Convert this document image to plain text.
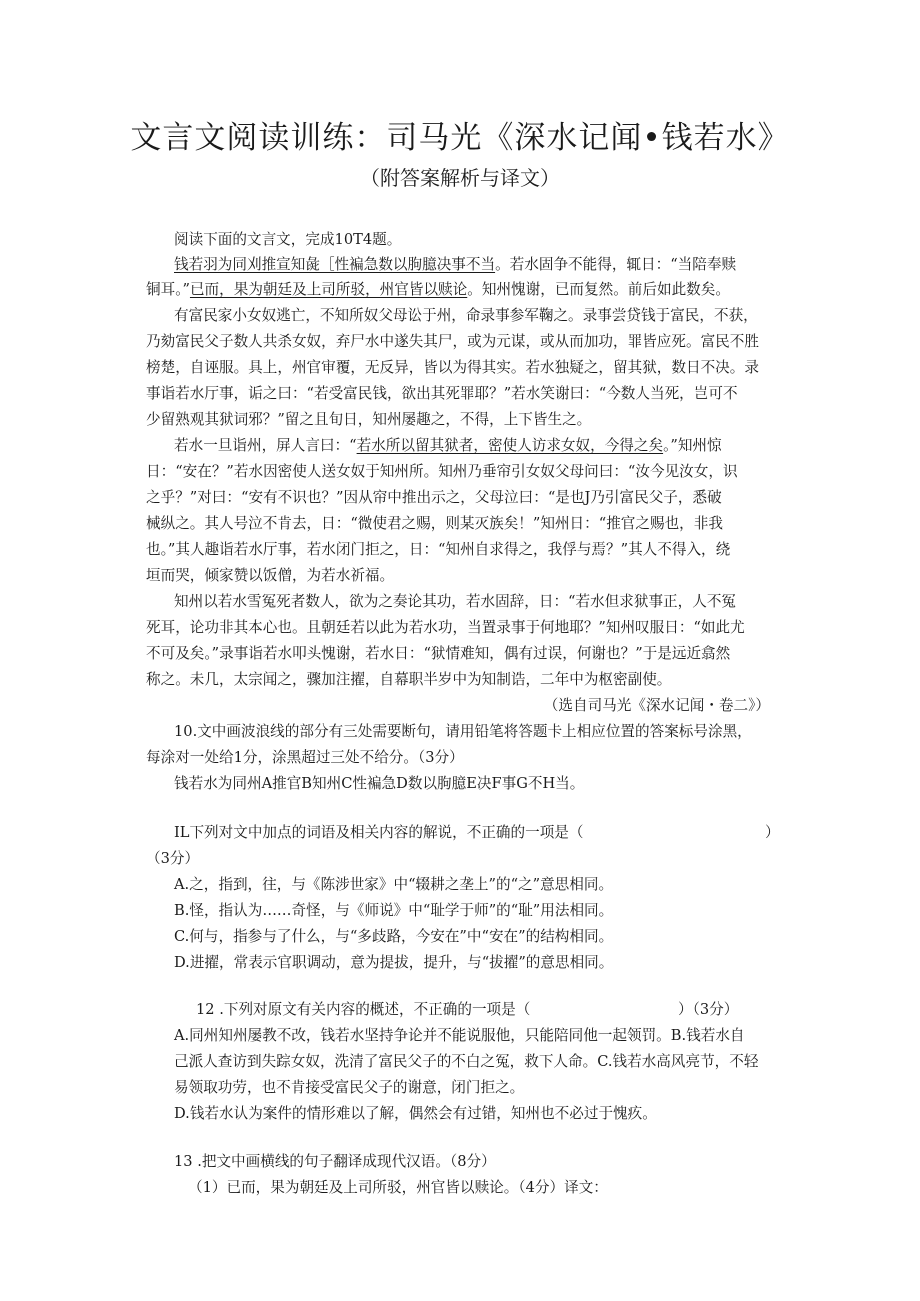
文言文阅读训练：司马光《深水记闻•钱若水》
（附答案解析与译文）
阅读下面的文言文，完成10T4题。
钱若羽为同刈推宣知彘［性褊急数以朐臆决事不当。若水固争不能得，辄日：“当陪奉赎
铜耳。”已而，果为朝廷及上司所驳，州官皆以赎论。知州愧谢，已而复然。前后如此数矣。
有富民家小女奴逃亡，不知所奴父母讼于州，命录事参军鞠之。录事尝贷钱于富民，不获，
乃劾富民父子数人共杀女奴，弃尸水中遂失其尸，或为元谋，或从而加功，罪皆应死。富民不胜
榜楚，自诬服。具上，州官审覆，无反异，皆以为得其实。若水独疑之，留其狱，数日不决。录
事诣若水厅事，诟之曰：“若受富民钱，欲出其死罪耶？”若水笑谢曰：“今数人当死，岂可不
少留熟观其狱词邪？”留之且旬日，知州屡趣之，不得，上下皆生之。
若水一旦诣州，屏人言曰：“若水所以留其狱者，密使人访求女奴，今得之矣。”知州惊
日：“安在？”若水因密使人送女奴于知州所。知州乃垂帘引女奴父母问曰：“汝今见汝女，识
之乎？”对曰：“安有不识也？”因从帘中推出示之，父母泣曰：“是也J乃引富民父子，悉破
械纵之。其人号泣不肯去，日：“微使君之赐，则某灭族矣！”知州日：“推官之赐也，非我
也。”其人趣诣若水厅事，若水闭门拒之，日：“知州自求得之，我俘与焉？”其人不得入，绕
垣而哭，倾家赞以饭僧，为若水祈福。
知州以若水雪冤死者数人，欲为之奏论其功，若水固辞，日：“若水但求狱事正，人不冤
死耳，论功非其本心也。且朝廷若以此为若水功，当置录事于何地耶？”知州叹服日：“如此尤
不可及矣。”录事诣若水叩头愧谢，若水日：“狱情难知，偶有过误，何谢也？”于是远近翕然
称之。未几，太宗闻之，骤加注擢，自幕职半岁中为知制诰，二年中为枢密副使。
（选自司马光《深水记闻・卷二》）
10.文中画波浪线的部分有三处需要断句，请用铅笔将答题卡上相应位置的答案标号涂黑，
每涂对一处给1分，涂黑超过三处不给分。（3分）
钱若水为同州A推官B知州C性褊急D数以朐臆E决F事G不H当。
IL下列对文中加点的词语及相关内容的解说，不正确的一项是（	）
（3分）
A.之，指到，往，与《陈涉世家》中“辍耕之垄上”的“之”意思相同。
B.怪，指认为……奇怪，与《师说》中“耻学于师”的“耻”用法相同。
C.何与，指参与了什么，与“多歧路，今安在”中“安在”的结构相同。
D.进擢，常表示官职调动，意为提拔，提升，与“拔擢”的意思相同。
12 .下列对原文有关内容的概述，不正确的一项是（	）（3分）
A.同州知州屡教不改，钱若水坚持争论并不能说服他，只能陪同他一起领罚。B.钱若水自
己派人查访到失踪女奴，洗清了富民父子的不白之冤，救下人命。C.钱若水高风亮节，不轻
易领取功劳，也不肯接受富民父子的谢意，闭门拒之。
D.钱若水认为案件的情形难以了解，偶然会有过错，知州也不必过于愧疚。
13 .把文中画横线的句子翻译成现代汉语。（8分）
（1）已而，果为朝廷及上司所驳，州官皆以赎论。（4分）译文：
